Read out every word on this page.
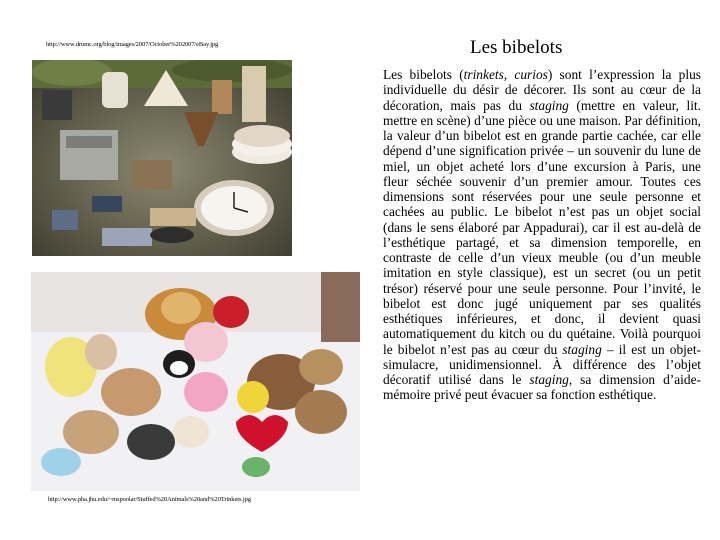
http://www.drumc.org/blog/images/2007/October%202007/eBay.jpg
http://www.pha.jhu.edu/~mspoolar/Stuffed%20Animals%20and%20Trinkets.jpg
Les bibelots

Les bibelots (trinkets, curios) sont l’expression la plus individuelle du désir de décorer. Ils sont au cœur de la décoration, mais pas du staging (mettre en valeur, lit. mettre en scène) d’une pièce ou une maison. Par définition, la valeur d’un bibelot est en grande partie cachée, car elle dépend d’une signification privée – un souvenir du lune de miel, un objet acheté lors d’une excursion à Paris, une fleur séchée souvenir d’un premier amour. Toutes ces dimensions sont réservées pour une seule personne et cachées au public. Le bibelot n’est pas un objet social (dans le sens élaboré par Appadurai), car il est au-delà de l’esthétique partagé, et sa dimension temporelle, en contraste de celle d’un vieux meuble (ou d’un meuble imitation en style classique), est un secret (ou un petit trésor) réservé pour une seule personne. Pour l’invité, le bibelot est donc jugé uniquement par ses qualités esthétiques inférieures, et donc, il devient quasi automatiquement du kitch ou du quétaine. Voilà pourquoi le bibelot n’est pas au cœur du staging – il est un objet-simulacre, unidimensionnel. À différence des l’objet décoratif utilisé dans le staging, sa dimension d’aide-mémoire privé peut évacuer sa fonction esthétique.
